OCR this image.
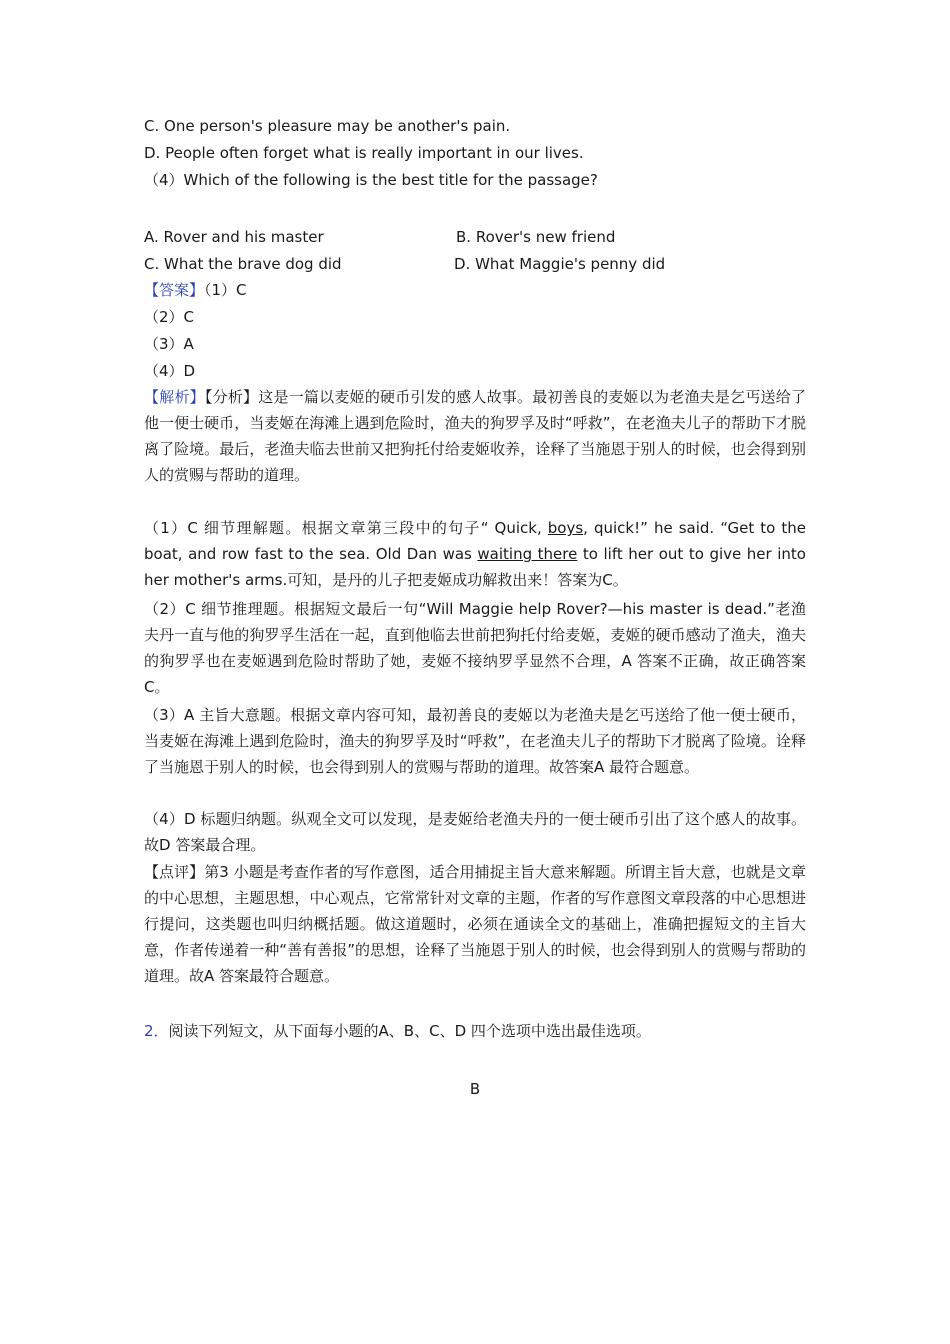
C. One person's pleasure may be another's pain.
D. People often forget what is really important in our lives.
（4）Which of the following is the best title for the passage?
A. Rover and his master	B. Rover's new friend
C. What the brave dog did	D. What Maggie's penny did
【答案】（1）C
（2）C
（3）A
（4）D
【解析】【分析】这是一篇以麦姬的硬币引发的感人故事。最初善良的麦姬以为老渔夫是乞丐送给了他一便士硬币，当麦姬在海滩上遇到危险时，渔夫的狗罗孚及时“呼救”，在老渔夫儿子的帮助下才脱离了险境。最后，老渔夫临去世前又把狗托付给麦姬收养，诠释了当施恩于别人的时候，也会得到别人的赏赐与帮助的道理。
（1）C 细节理解题。根据文章第三段中的句子“ Quick, boys, quick!” he said. “Get to the boat, and row fast to the sea. Old Dan was waiting there to lift her out to give her into her mother's arms.可知，是丹的儿子把麦姬成功解救出来！答案为C。
（2）C 细节推理题。根据短文最后一句“Will Maggie help Rover?—his master is dead.”老渔夫丹一直与他的狗罗孚生活在一起，直到他临去世前把狗托付给麦姬，麦姬的硬币感动了渔夫，渔夫的狗罗孚也在麦姬遇到危险时帮助了她，麦姬不接纳罗孚显然不合理，A 答案不正确，故正确答案C。
（3）A 主旨大意题。根据文章内容可知，最初善良的麦姬以为老渔夫是乞丐送给了他一便士硬币，当麦姬在海滩上遇到危险时，渔夫的狗罗孚及时“呼救”，在老渔夫儿子的帮助下才脱离了险境。诠释了当施恩于别人的时候，也会得到别人的赏赐与帮助的道理。故答案A 最符合题意。
（4）D 标题归纳题。纵观全文可以发现，是麦姬给老渔夫丹的一便士硬币引出了这个感人的故事。故D 答案最合理。
【点评】第3 小题是考查作者的写作意图，适合用捕捉主旨大意来解题。所谓主旨大意，也就是文章的中心思想，主题思想，中心观点，它常常针对文章的主题，作者的写作意图文章段落的中心思想进行提问，这类题也叫归纳概括题。做这道题时，必须在通读全文的基础上，准确把握短文的主旨大意，作者传递着一种“善有善报”的思想，诠释了当施恩于别人的时候，也会得到别人的赏赐与帮助的道理。故A 答案最符合题意。
2．阅读下列短文，从下面每小题的A、B、C、D 四个选项中选出最佳选项。
B
